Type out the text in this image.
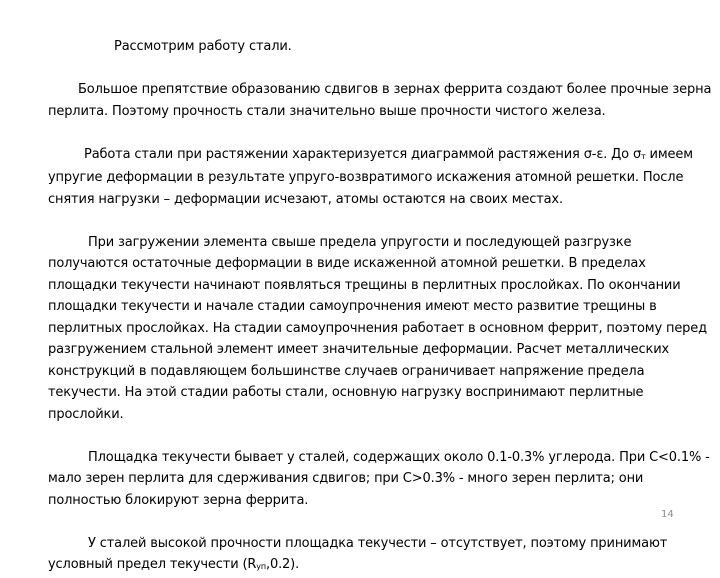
Рассмотрим работу стали.

Большое препятствие образованию сдвигов в зернах феррита создают более прочные зерна перлита. Поэтому прочность стали значительно выше прочности чистого железа.

Работа стали при растяжении характеризуется диаграммой растяжения σ-ε. До $\sigma_т$ имеем упругие деформации в результате упруго-возвратимого искажения атомной решетки. После снятия нагрузки – деформации исчезают, атомы остаются на своих местах.

При загружении элемента свыше предела упругости и последующей разгрузке получаются остаточные деформации в виде искаженной атомной решетки. В пределах площадки текучести начинают появляться трещины в перлитных прослойках. По окончании площадки текучести и начале стадии самоупрочнения имеют место развитие трещины в перлитных прослойках. На стадии самоупрочнения работает в основном феррит, поэтому перед разгружением стальной элемент имеет значительные деформации. Расчет металлических конструкций в подавляющем большинстве случаев ограничивает напряжение предела текучести. На этой стадии работы стали, основную нагрузку воспринимают перлитные прослойки.

Площадка текучести бывает у сталей, содержащих около 0.1-0.3% углерода. При С<0.1% - мало зерен перлита для сдерживания сдвигов; при С>0.3% - много зерен перлита; они полностью блокируют зерна феррита.

У сталей высокой прочности площадка текучести – отсутствует, поэтому принимают условный предел текучести $(R_{уп},0.2)$.

14
